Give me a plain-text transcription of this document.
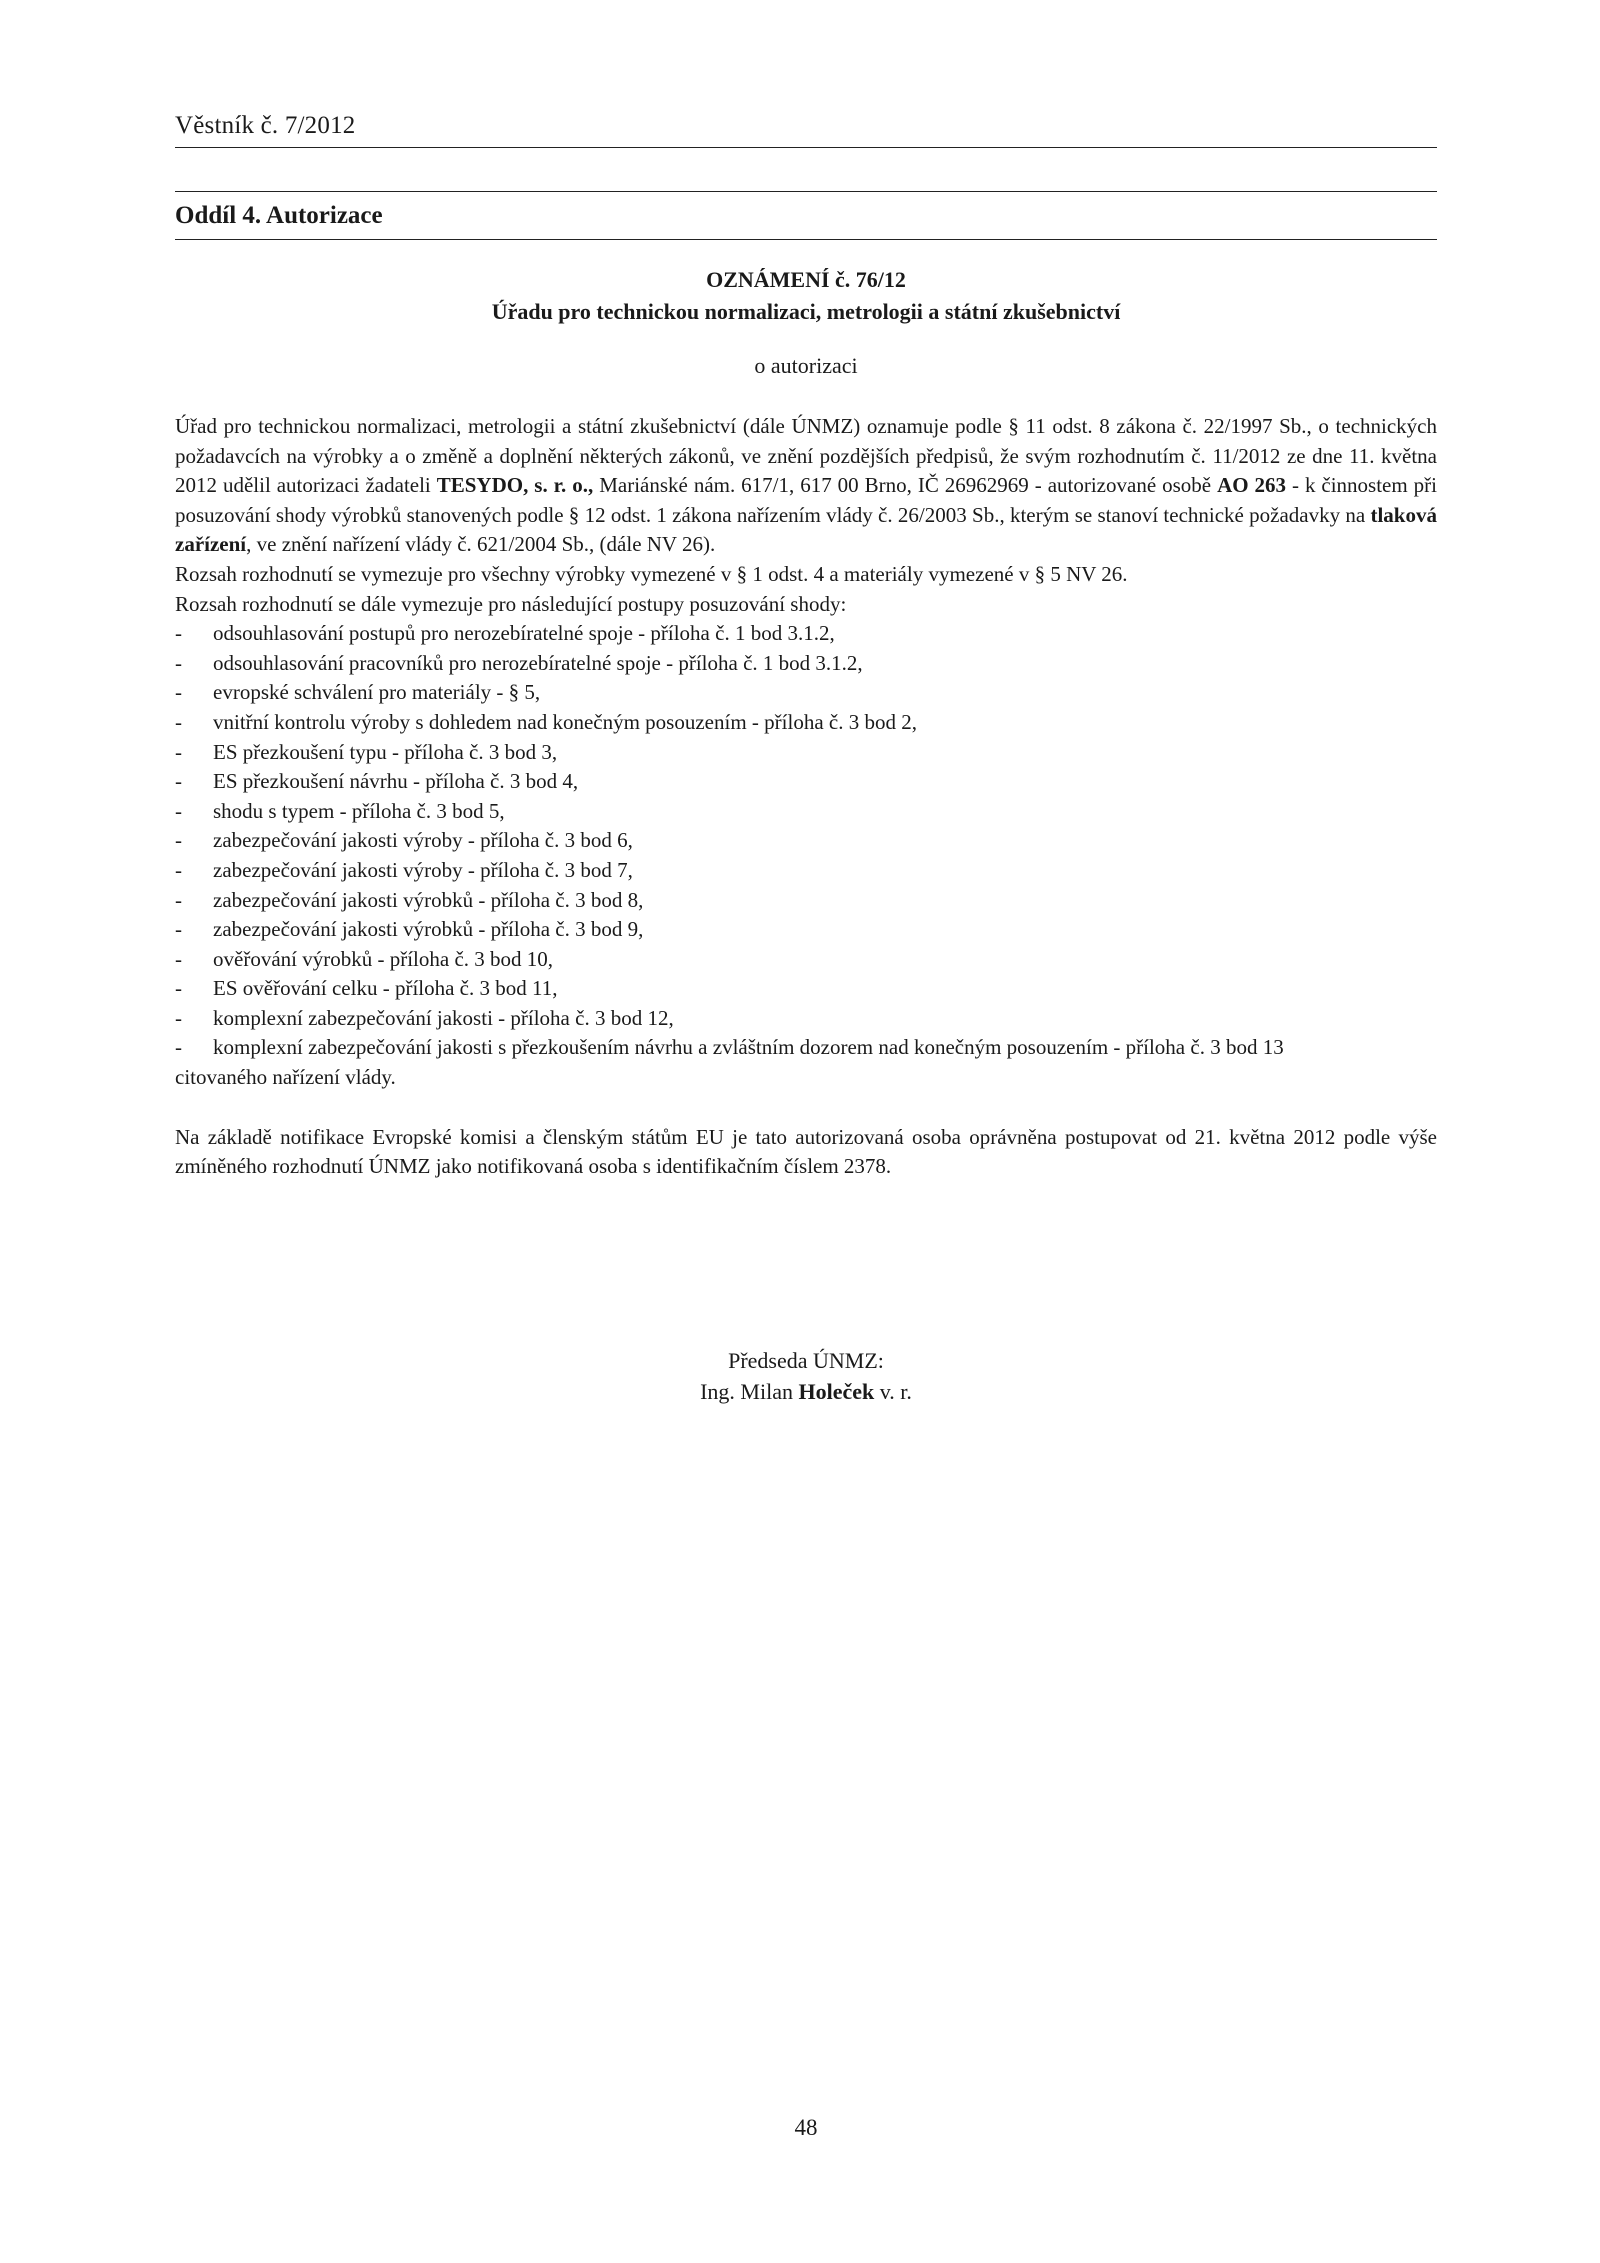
Věstník č. 7/2012
Oddíl 4. Autorizace
OZNÁMENÍ č. 76/12
Úřadu pro technickou normalizaci, metrologii a státní zkušebnictví
o autorizaci

Úřad pro technickou normalizaci, metrologii a státní zkušebnictví (dále ÚNMZ) oznamuje podle § 11 odst. 8 zákona č. 22/1997 Sb., o technických požadavcích na výrobky a o změně a doplnění některých zákonů, ve znění pozdějších předpisů, že svým rozhodnutím č. 11/2012 ze dne 11. května 2012 udělil autorizaci žadateli TESYDO, s. r. o., Mariánské nám. 617/1, 617 00 Brno, IČ 26962969 - autorizované osobě AO 263 - k činnostem při posuzování shody výrobků stanovených podle § 12 odst. 1 zákona nařízením vlády č. 26/2003 Sb., kterým se stanoví technické požadavky na tlaková zařízení, ve znění nařízení vlády č. 621/2004 Sb., (dále NV 26).

Rozsah rozhodnutí se vymezuje pro všechny výrobky vymezené v § 1 odst. 4 a materiály vymezené v § 5 NV 26.

Rozsah rozhodnutí se dále vymezuje pro následující postupy posuzování shody:

- odsouhlasování postupů pro nerozebíratelné spoje - příloha č. 1 bod 3.1.2,
- odsouhlasování pracovníků pro nerozebíratelné spoje - příloha č. 1 bod 3.1.2,
- evropské schválení pro materiály - § 5,
- vnitřní kontrolu výroby s dohledem nad konečným posouzením - příloha č. 3 bod 2,
- ES přezkoušení typu - příloha č. 3 bod 3,
- ES přezkoušení návrhu - příloha č. 3 bod 4,
- shodu s typem - příloha č. 3 bod 5,
- zabezpečování jakosti výroby - příloha č. 3 bod 6,
- zabezpečování jakosti výroby - příloha č. 3 bod 7,
- zabezpečování jakosti výrobků - příloha č. 3 bod 8,
- zabezpečování jakosti výrobků - příloha č. 3 bod 9,
- ověřování výrobků - příloha č. 3 bod 10,
- ES ověřování celku - příloha č. 3 bod 11,
- komplexní zabezpečování jakosti - příloha č. 3 bod 12,
- komplexní zabezpečování jakosti s přezkoušením návrhu a zvláštním dozorem nad konečným posouzením - příloha č. 3 bod 13

citovaného nařízení vlády.

Na základě notifikace Evropské komisi a členským státům EU je tato autorizovaná osoba oprávněna postupovat od 21. května 2012 podle výše zmíněného rozhodnutí ÚNMZ jako notifikovaná osoba s identifikačním číslem 2378.

Předseda ÚNMZ:
Ing. Milan Holeček v. r.
48
